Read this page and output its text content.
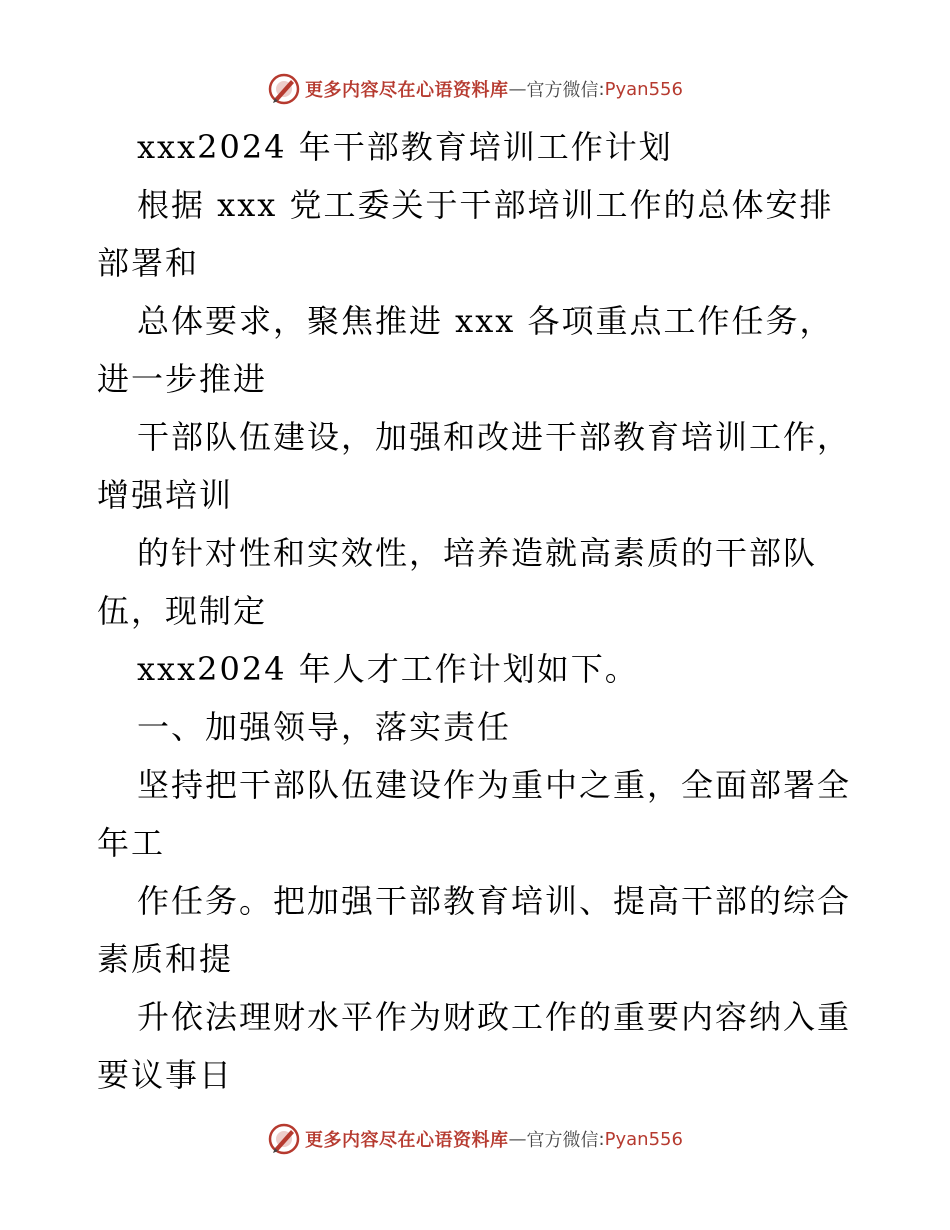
更多内容尽在心语资料库 — 官方微信 : Pyan556
xxx2024 年干部教育培训工作计划
根据 xxx 党工委关于干部培训工作的总体安排
部署和
总体要求，聚焦推进 xxx 各项重点工作任务，
进一步推进
干部队伍建设，加强和改进干部教育培训工作，
增强培训
的针对性和实效性，培养造就高素质的干部队
伍，现制定
xxx2024 年人才工作计划如下。
一、加强领导，落实责任
坚持把干部队伍建设作为重中之重，全面部署全
年工
作任务。把加强干部教育培训、提高干部的综合
素质和提
升依法理财水平作为财政工作的重要内容纳入重
要议事日
更多内容尽在心语资料库 — 官方微信 : Pyan556
